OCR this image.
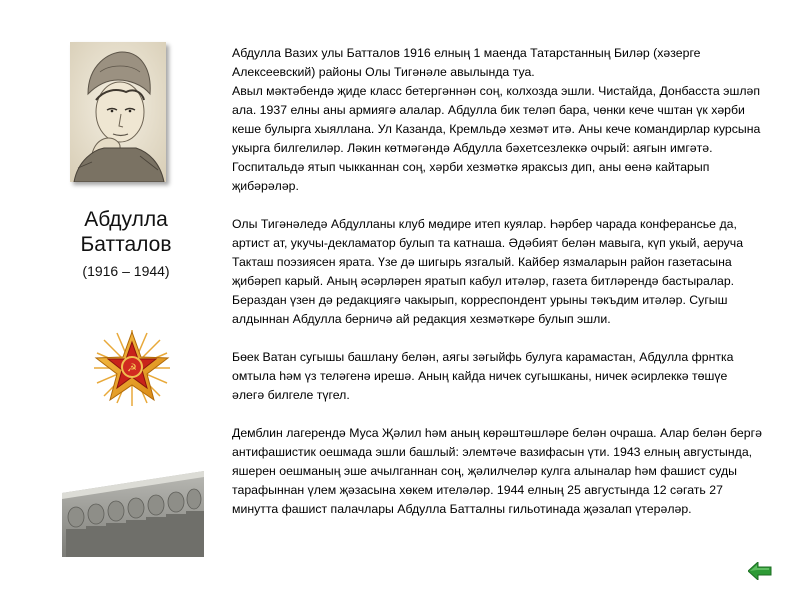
Абдулла Батталов
(1916 – 1944)
☭

Абдулла Вазих улы Батталов 1916 елның 1 маенда Татарстанның Биләр (хәзерге Алексеевский) районы Олы Тигәнәле авылында туа.
Авыл мәктәбендә җиде класс бетергәннән соң, колхозда эшли. Чистайда, Донбасста эшләп ала. 1937 елны аны армиягә алалар. Абдулла бик теләп бара, чөнки кече чштан үк хәрби кеше булырга хыяллана. Ул Казанда, Кремльдә хезмәт итә. Аны кече командирлар курсына укырга билгелиләр. Ләкин көтмәгәндә Абдулла бәхетсезлеккә очрый: аягын имгәтә. Госпитальдә ятып чыкканнан соң, хәрби хезмәткә яраксыз дип, аны өенә кайтарып җибәрәләр.

Олы Тигәнәледә Абдулланы клуб мөдире итеп куялар. Һәрбер чарада конферансье да, артист ат, укучы-декламатор булып та катнаша. Әдәбият белән мавыга, күп укый, аеруча Такташ поэзиясен ярата. Үзе дә шигырь язгалый. Кайбер язмаларын район газетасына җибәреп карый. Аның әсәрләрен яратып кабул итәләр, газета битләрендә бастыралар. Бераздан үзен дә редакциягә чакырып, корреспондент урыны тәкъдим итәләр. Сугыш алдыннан Абдулла берничә ай редакция хезмәткәре булып эшли.

Бөек Ватан сугышы башлану белән, аягы зәгыйфь булуга карамастан, Абдулла фрнтка омтыла һәм үз теләгенә ирешә. Аның кайда ничек сугышканы, ничек әсирлеккә төшүе әлегә билгеле түгел.

Демблин лагерендә Муса Җәлил һәм аның көрәштәшләре белән очраша. Алар белән бергә антифашистик оешмада эшли башлый: элемтәче вазифасын үти. 1943 елның августында, яшерен оешманың эше ачылганнан соң, җәлилчеләр кулга алыналар һәм фашист суды тарафыннан үлем җәзасына хөкем ителәләр. 1944 елның 25 августында 12 сәгать 27 минутта фашист палачлары Абдулла Батталны гильотинада җәзалап үтерәләр.
